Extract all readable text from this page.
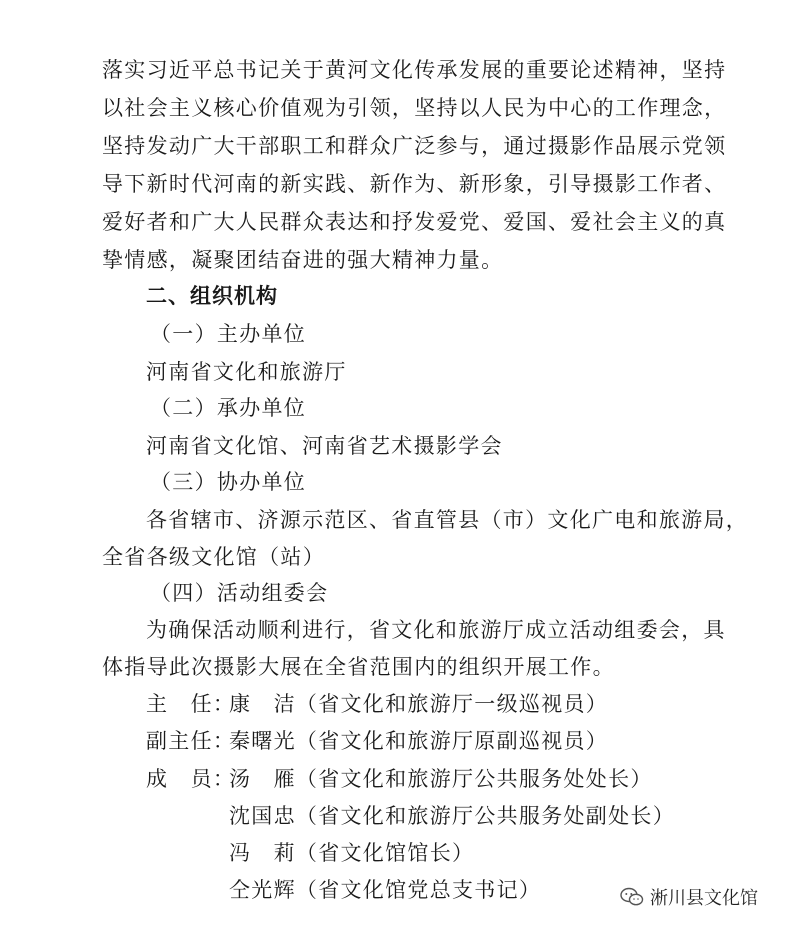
落实习近平总书记关于黄河文化传承发展的重要论述精神，坚持
以社会主义核心价值观为引领，坚持以人民为中心的工作理念，
坚持发动广大干部职工和群众广泛参与，通过摄影作品展示党领
导下新时代河南的新实践、新作为、新形象，引导摄影工作者、
爱好者和广大人民群众表达和抒发爱党、爱国、爱社会主义的真
挚情感，凝聚团结奋进的强大精神力量。
二、组织机构
（一）主办单位
河南省文化和旅游厅
（二）承办单位
河南省文化馆、河南省艺术摄影学会
（三）协办单位
各省辖市、济源示范区、省直管县（市）文化广电和旅游局，
全省各级文化馆（站）
（四）活动组委会
为确保活动顺利进行，省文化和旅游厅成立活动组委会，具
体指导此次摄影大展在全省范围内的组织开展工作。
主　任：
康　洁（省文化和旅游厅一级巡视员）
副主任：
秦曙光（省文化和旅游厅原副巡视员）
成　员：
汤　雁（省文化和旅游厅公共服务处处长）
沈国忠（省文化和旅游厅公共服务处副处长）
冯　莉（省文化馆馆长）
仝光辉（省文化馆党总支书记）	淅川县文化馆
